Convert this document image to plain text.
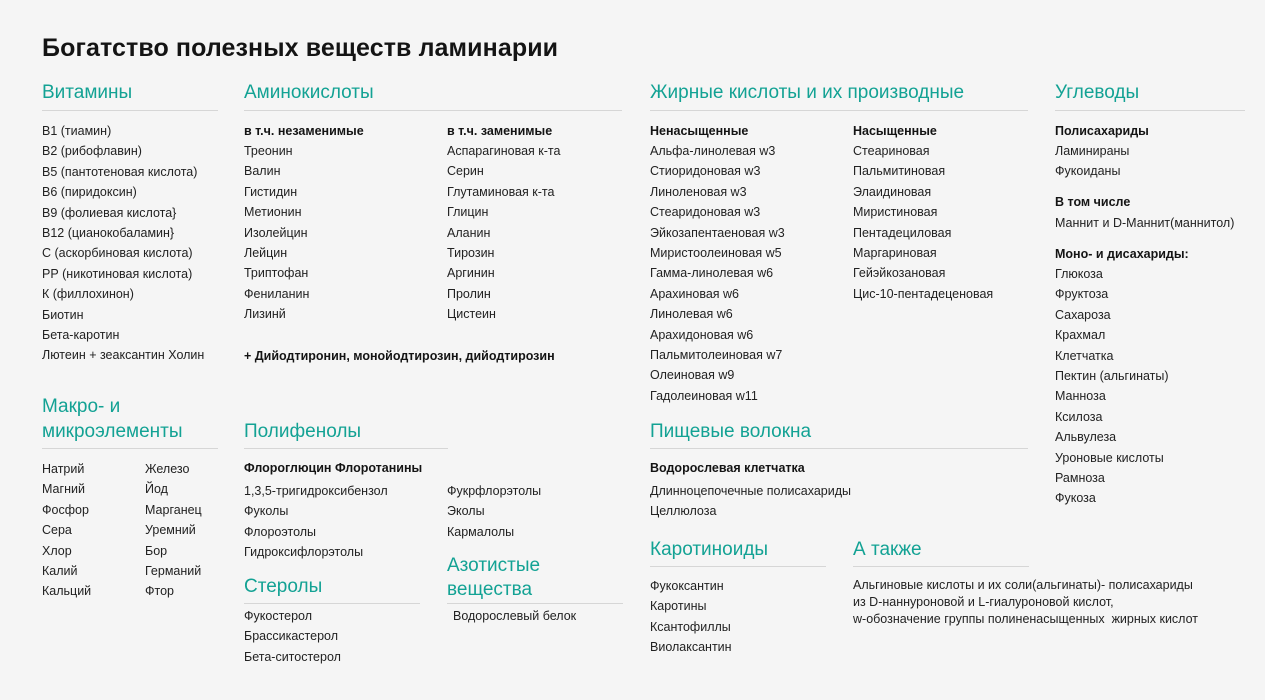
Богатство полезных веществ ламинарии
Витамины
B1 (тиамин)
B2 (рибофлавин)
B5 (пантотеновая кислота)
B6 (пиридоксин)
B9 (фолиевая кислота}
B12 (цианокобаламин}
С (аскорбиновая кислота)
РР (никотиновая кислота)
К (филлохинон)
Биотин
Бета-каротин
Лютеин + зеаксантин Холин
Аминокислоты
в т.ч. незаменимые
Треонин
Валин
Гистидин
Метионин
Изолейцин
Лейцин
Триптофан
Фениланин
Лизинй
в т.ч. заменимые
Аспарагиновая к-та
Серин
Глутаминовая к-та
Глицин
Аланин
Тирозин
Аргинин
Пролин
Цистеин
+ Дийодтиронин, монойодтирозин, дийодтирозин
Жирные кислоты и их производные
Ненасыщенные
Альфа-линолевая w3
Стиоридоновая w3
Линоленовая w3
Стеаридоновая w3
Эйкозапентаеновая w3
Миристоолеиновая w5
Гамма-линолевая w6
Арахиновая w6
Линолевая w6
Арахидоновая w6
Пальмитолеиновая w7
Олеиновая w9
Гадолеиновая w11
Насыщенные
Стеариновая
Пальмитиновая
Элаидиновая
Миристиновая
Пентадециловая
Маргариновая
Гейэйкозановая
Цис-10-пентадеценовая
Углеводы
Полисахариды
Ламинираны
Фукоиданы
В том числе
Маннит и D-Маннит(маннитол)
Моно- и дисахариды:
Глюкоза
Фруктоза
Сахароза
Крахмал
Клетчатка
Пектин (альгинаты)
Манноза
Ксилоза
Альвулеза
Уроновые кислоты
Рамноза
Фукоза
Макро- и
микроэлементы
Натрий
Магний
Фосфор
Сера
Хлор
Калий
Кальций
Железо
Йод
Марганец
Уремний
Бор
Германий
Фтор
Полифенолы
Флороглюцин Флоротанины
1,3,5-тригидроксибензол
Фуколы
Флороэтолы
Гидроксифлорэтолы
Фукрфлорэтолы
Эколы
Кармалолы
Стеролы
Фукостерол
Брассикастерол
Бета-ситостерол
Азотистые
вещества
Водорослевый белок
Пищевые волокна
Водорослевая клетчатка
Длинноцепочечные полисахариды
Целлюлоза
Каротиноиды
Фукоксантин
Каротины
Ксантофиллы
Виолаксантин
А также
Альгиновые кислоты и их соли(альгинаты)- полисахариды
из D-наннуроновой и L-гиалуроновой кислот,
w-обозначение группы полиненасыщенных  жирных кислот
